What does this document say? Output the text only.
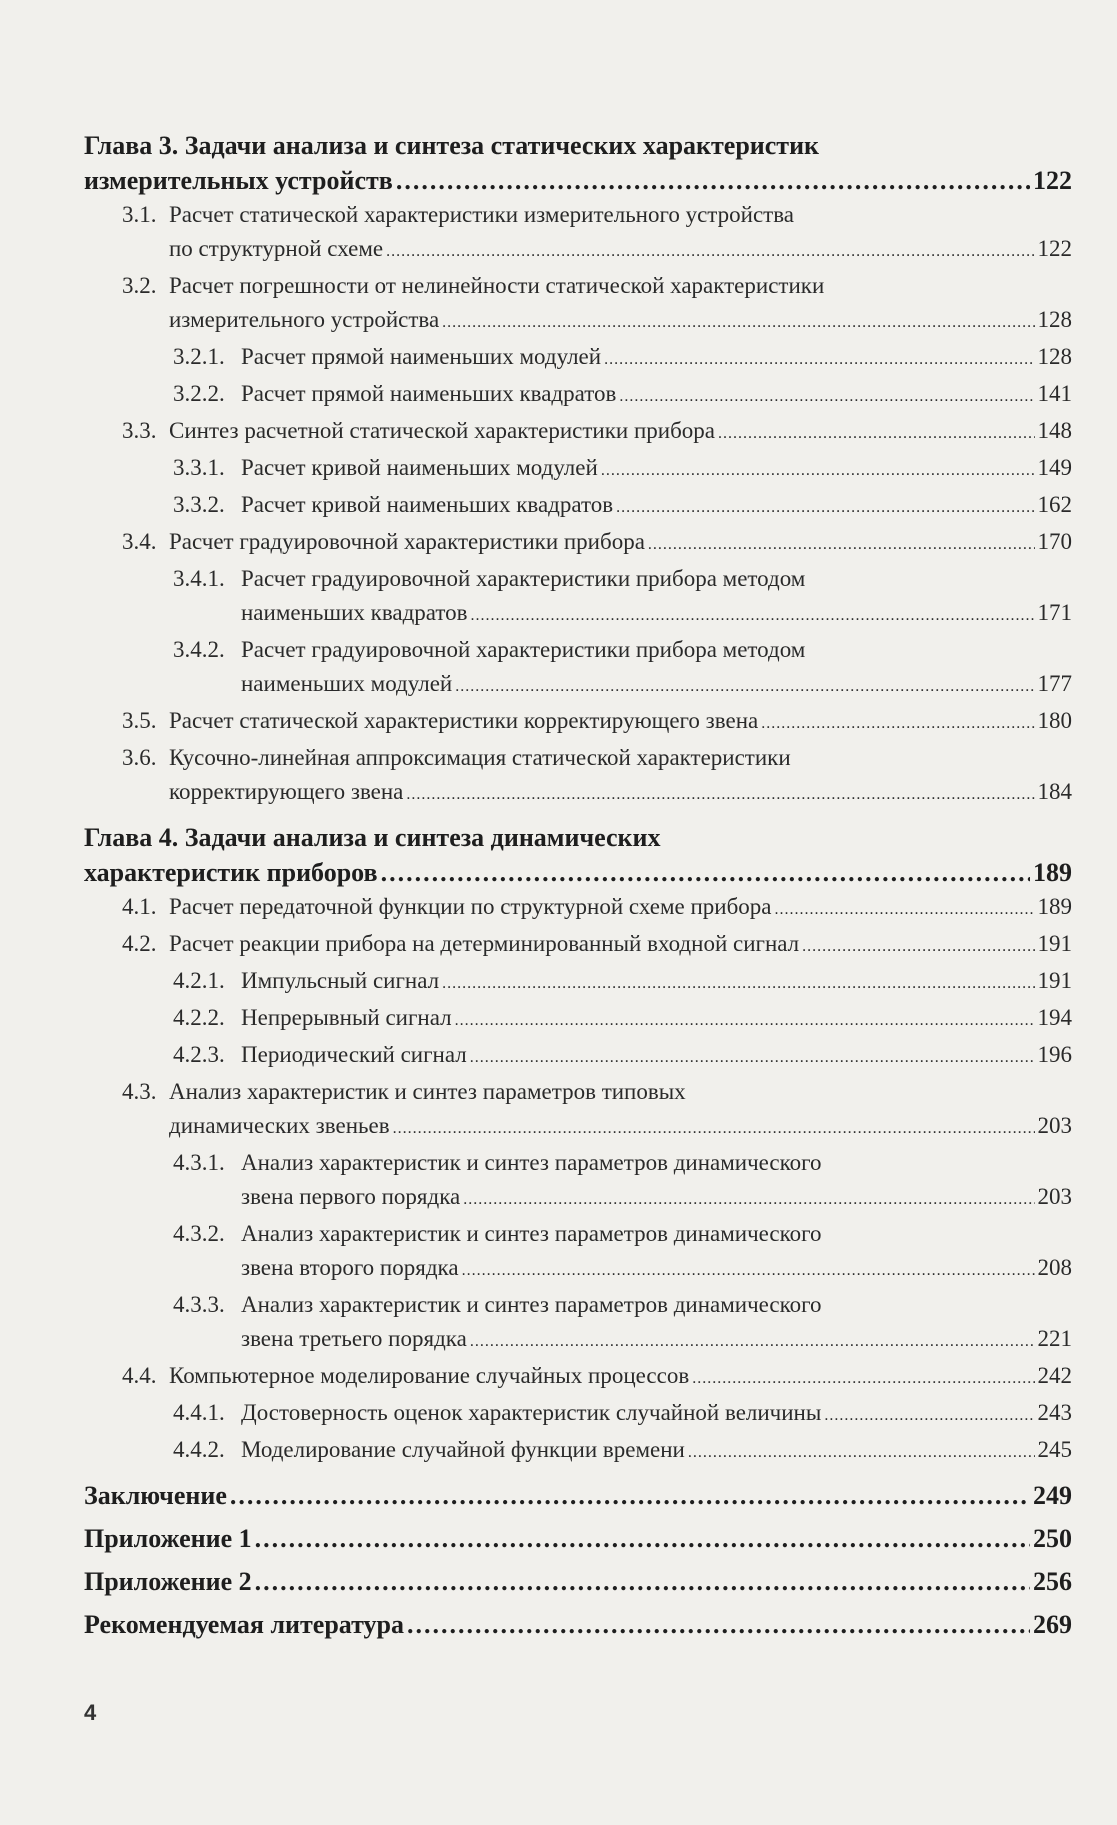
Глава 3. Задачи анализа и синтеза статических характеристик
измерительных устройств .....	122
3.1. Расчет статической характеристики измерительного устройства
по структурной схеме .....	122
3.2. Расчет погрешности от нелинейности статической характеристики
измерительного устройства .....	128
3.2.1. Расчет прямой наименьших модулей .....	128
3.2.2. Расчет прямой наименьших квадратов .....	141
3.3. Синтез расчетной статической характеристики прибора .....	148
3.3.1. Расчет кривой наименьших модулей .....	149
3.3.2. Расчет кривой наименьших квадратов .....	162
3.4. Расчет градуировочной характеристики прибора .....	170
3.4.1. Расчет градуировочной характеристики прибора методом
наименьших квадратов .....	171
3.4.2. Расчет градуировочной характеристики прибора методом
наименьших модулей .....	177
3.5. Расчет статической характеристики корректирующего звена .....	180
3.6. Кусочно-линейная аппроксимация статической характеристики
корректирующего звена .....	184
Глава 4. Задачи анализа и синтеза динамических
характеристик приборов .....	189
4.1. Расчет передаточной функции по структурной схеме прибора .....	189
4.2. Расчет реакции прибора на детерминированный входной сигнал .....	191
4.2.1. Импульсный сигнал .....	191
4.2.2. Непрерывный сигнал .....	194
4.2.3. Периодический сигнал .....	196
4.3. Анализ характеристик и синтез параметров типовых
динамических звеньев .....	203
4.3.1. Анализ характеристик и синтез параметров динамического
звена первого порядка .....	203
4.3.2. Анализ характеристик и синтез параметров динамического
звена второго порядка .....	208
4.3.3. Анализ характеристик и синтез параметров динамического
звена третьего порядка .....	221
4.4. Компьютерное моделирование случайных процессов .....	242
4.4.1. Достоверность оценок характеристик случайной величины .....	243
4.4.2. Моделирование случайной функции времени .....	245
Заключение .....	249
Приложение 1 .....	250
Приложение 2 .....	256
Рекомендуемая литература .....	269
4
